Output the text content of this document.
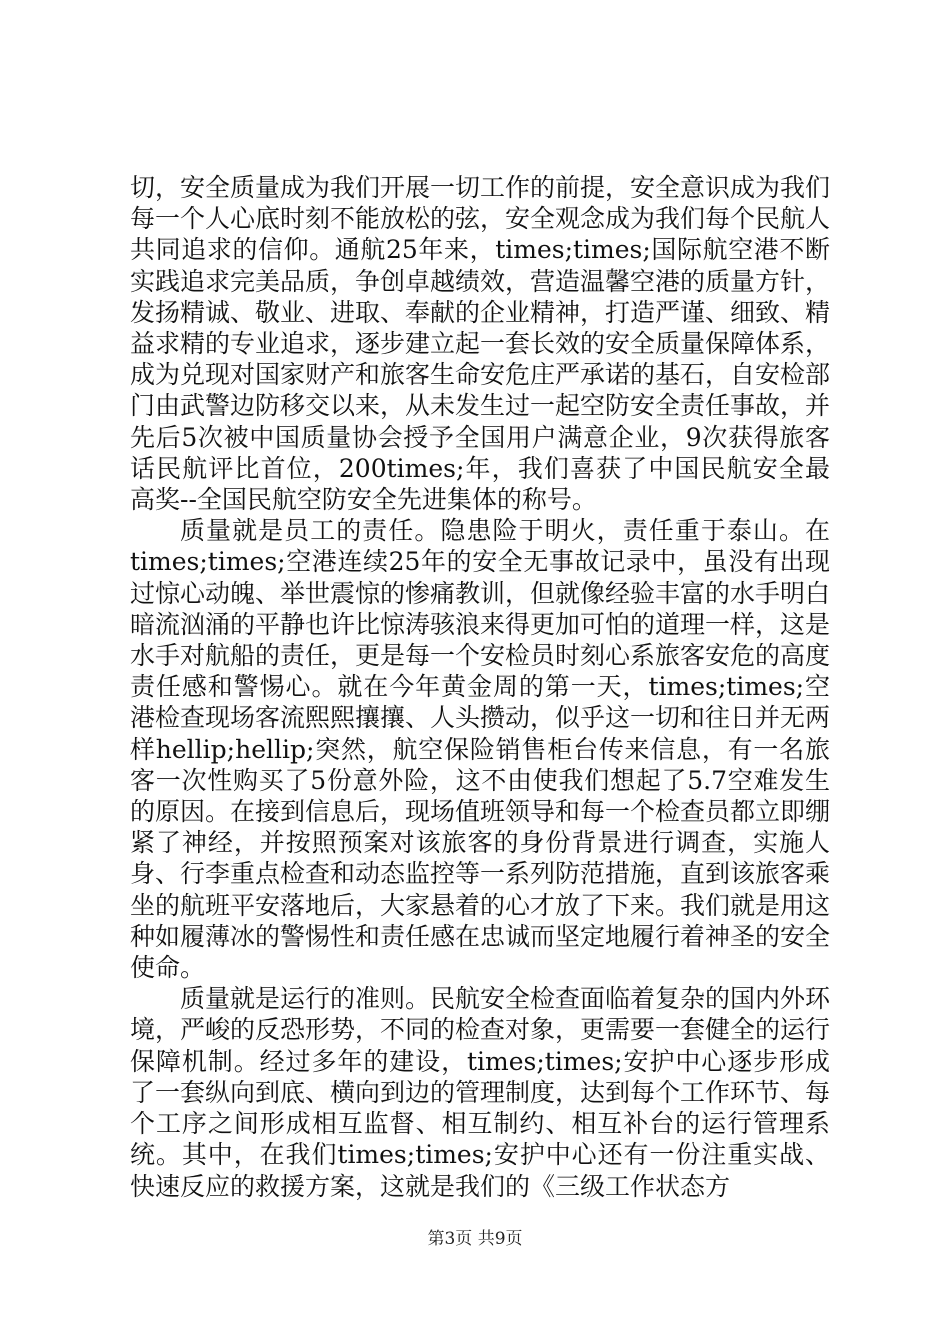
切，安全质量成为我们开展一切工作的前提，安全意识成为我们每一个人心底时刻不能放松的弦，安全观念成为我们每个民航人共同追求的信仰。通航25年来，times;times;国际航空港不断实践追求完美品质，争创卓越绩效，营造温馨空港的质量方针，发扬精诚、敬业、进取、奉献的企业精神，打造严谨、细致、精益求精的专业追求，逐步建立起一套长效的安全质量保障体系，成为兑现对国家财产和旅客生命安危庄严承诺的基石，自安检部门由武警边防移交以来，从未发生过一起空防安全责任事故，并先后5次被中国质量协会授予全国用户满意企业，9次获得旅客话民航评比首位，200times;年，我们喜获了中国民航安全最高奖--全国民航空防安全先进集体的称号。

质量就是员工的责任。隐患险于明火，责任重于泰山。在times;times;空港连续25年的安全无事故记录中，虽没有出现过惊心动魄、举世震惊的惨痛教训，但就像经验丰富的水手明白暗流汹涌的平静也许比惊涛骇浪来得更加可怕的道理一样，这是水手对航船的责任，更是每一个安检员时刻心系旅客安危的高度责任感和警惕心。就在今年黄金周的第一天，times;times;空港检查现场客流熙熙攘攘、人头攒动，似乎这一切和往日并无两样hellip;hellip;突然，航空保险销售柜台传来信息，有一名旅客一次性购买了5份意外险，这不由使我们想起了5.7空难发生的原因。在接到信息后，现场值班领导和每一个检查员都立即绷紧了神经，并按照预案对该旅客的身份背景进行调查，实施人身、行李重点检查和动态监控等一系列防范措施，直到该旅客乘坐的航班平安落地后，大家悬着的心才放了下来。我们就是用这种如履薄冰的警惕性和责任感在忠诚而坚定地履行着神圣的安全使命。

质量就是运行的准则。民航安全检查面临着复杂的国内外环境，严峻的反恐形势，不同的检查对象，更需要一套健全的运行保障机制。经过多年的建设，times;times;安护中心逐步形成了一套纵向到底、横向到边的管理制度，达到每个工作环节、每个工序之间形成相互监督、相互制约、相互补台的运行管理系统。其中，在我们times;times;安护中心还有一份注重实战、快速反应的救援方案，这就是我们的《三级工作状态方

第3页 共9页
